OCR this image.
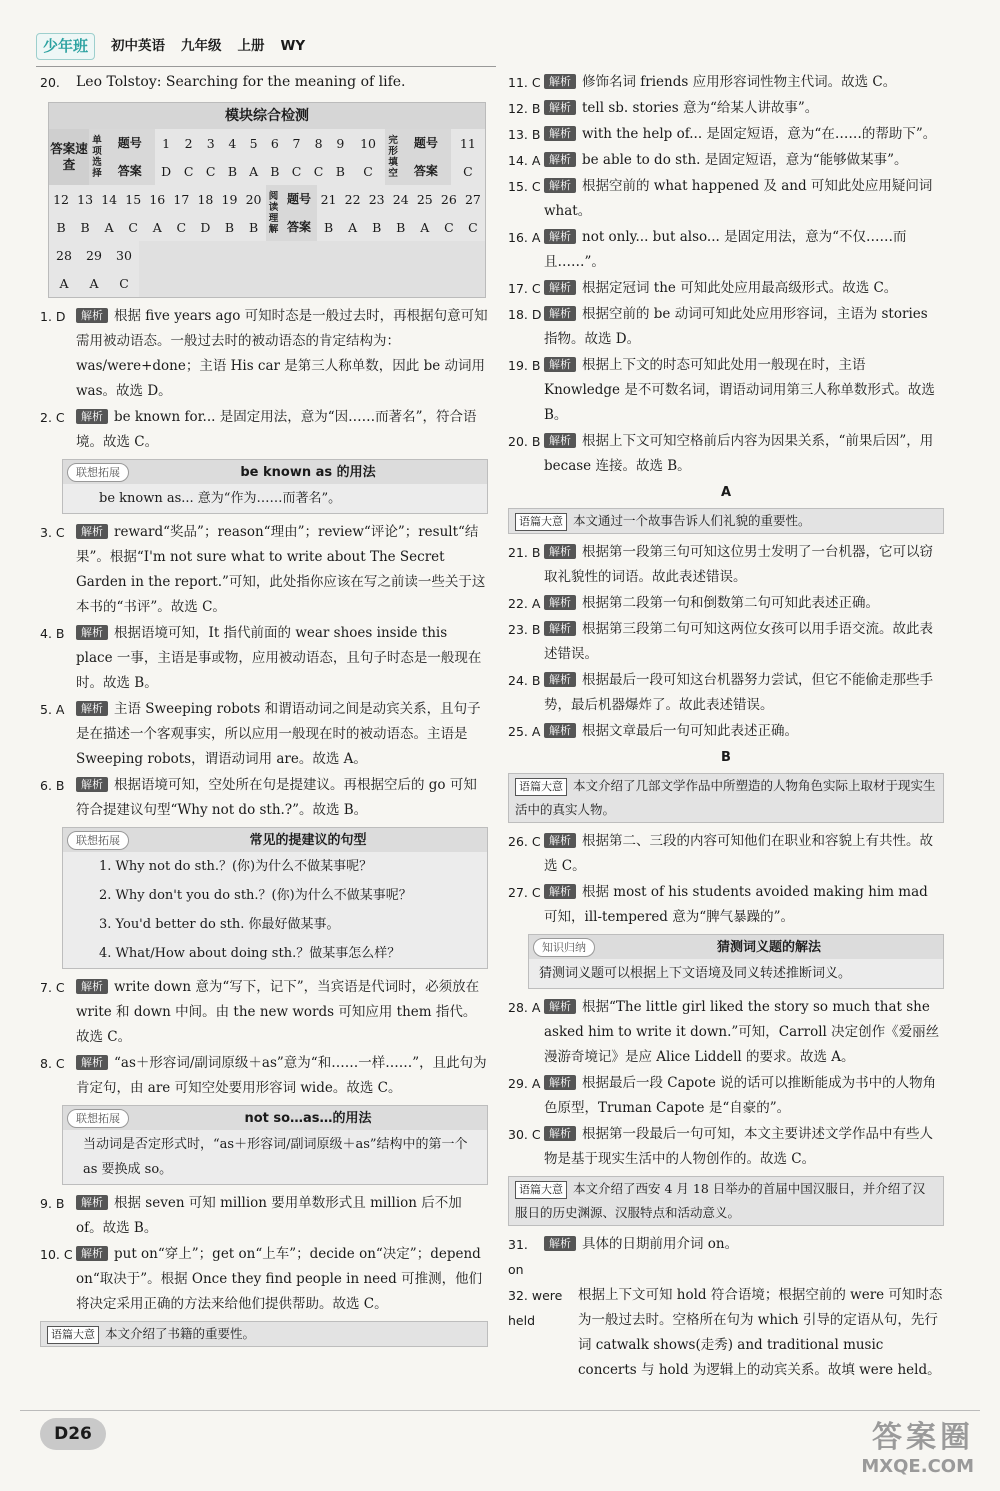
少年班	初中英语 九年级 上册 WY
20.	Leo Tolstoy: Searching for the meaning of life.
模块综合检测
答案速查	单项选择	题号	1	2	3	4	5	6	7	8	9	10	完形填空	题号	11
		答案	D	C	C	B	A	B	C	C	B	C		答案	C
12	13	14	15	16	17	18	19	20	阅读理解	题号	21	22	23	24	25	26	27
B	B	A	C	A	C	D	B	B		答案	B	A	B	B	A	C	C
28	29	30
A	A	C
1. D	解析 根据 five years ago 可知时态是一般过去时，再根据句意可知需用被动语态。一般过去时的被动语态的肯定结构为：was/were+done；主语 His car 是第三人称单数，因此 be 动词用 was。故选 D。
2. C	解析 be known for... 是固定用法，意为“因……而著名”，符合语境。故选 C。
联想拓展	be known as 的用法
be known as... 意为“作为……而著名”。
3. C	解析 reward“奖品”；reason“理由”；review“评论”；result“结果”。根据“I'm not sure what to write about The Secret Garden in the report.”可知，此处指你应该在写之前读一些关于这本书的“书评”。故选 C。
4. B	解析 根据语境可知，It 指代前面的 wear shoes inside this place 一事，主语是事或物，应用被动语态，且句子时态是一般现在时。故选 B。
5. A	解析 主语 Sweeping robots 和谓语动词之间是动宾关系，且句子是在描述一个客观事实，所以应用一般现在时的被动语态。主语是 Sweeping robots，谓语动词用 are。故选 A。
6. B	解析 根据语境可知，空处所在句是提建议。再根据空后的 go 可知符合提建议句型“Why not do sth.?”。故选 B。
联想拓展	常见的提建议的句型
1. Why not do sth.？(你)为什么不做某事呢？
2. Why don't you do sth.？(你)为什么不做某事呢？
3. You'd better do sth. 你最好做某事。
4. What/How about doing sth.？做某事怎么样？
7. C	解析 write down 意为“写下，记下”，当宾语是代词时，必须放在 write 和 down 中间。由 the new words 可知应用 them 指代。故选 C。
8. C	解析 “as＋形容词/副词原级＋as”意为“和……一样……”，且此句为肯定句，由 are 可知空处要用形容词 wide。故选 C。
联想拓展	not so…as…的用法
当动词是否定形式时，“as＋形容词/副词原级＋as”结构中的第一个 as 要换成 so。
9. B	解析 根据 seven 可知 million 要用单数形式且 million 后不加 of。故选 B。
10. C 解析 put on“穿上”；get on“上车”；decide on“决定”；depend on“取决于”。根据 Once they find people in need 可推测，他们将决定采用正确的方法来给他们提供帮助。故选 C。
语篇大意 本文介绍了书籍的重要性。
11. C 解析 修饰名词 friends 应用形容词性物主代词。故选 C。
12. B 解析 tell sb. stories 意为“给某人讲故事”。
13. B 解析 with the help of... 是固定短语，意为“在……的帮助下”。
14. A 解析 be able to do sth. 是固定短语，意为“能够做某事”。
15. C 解析 根据空前的 what happened 及 and 可知此处应用疑问词 what。
16. A 解析 not only... but also... 是固定用法，意为“不仅……而且……”。
17. C 解析 根据定冠词 the 可知此处应用最高级形式。故选 C。
18. D 解析 根据空前的 be 动词可知此处应用形容词，主语为 stories 指物。故选 D。
19. B 解析 根据上下文的时态可知此处用一般现在时，主语 Knowledge 是不可数名词，谓语动词用第三人称单数形式。故选 B。
20. B 解析 根据上下文可知空格前后内容为因果关系，“前果后因”，用 becase 连接。故选 B。
A
语篇大意 本文通过一个故事告诉人们礼貌的重要性。
21. B 解析 根据第一段第三句可知这位男士发明了一台机器，它可以窃取礼貌性的词语。故此表述错误。
22. A 解析 根据第二段第一句和倒数第二句可知此表述正确。
23. B 解析 根据第三段第二句可知这两位女孩可以用手语交流。故此表述错误。
24. B 解析 根据最后一段可知这台机器努力尝试，但它不能偷走那些手势，最后机器爆炸了。故此表述错误。
25. A 解析 根据文章最后一句可知此表述正确。
B
语篇大意 本文介绍了几部文学作品中所塑造的人物角色实际上取材于现实生活中的真实人物。
26. C 解析 根据第二、三段的内容可知他们在职业和容貌上有共性。故选 C。
27. C 解析 根据 most of his students avoided making him mad 可知，ill-tempered 意为“脾气暴躁的”。
知识归纳	猜测词义题的解法
猜测词义题可以根据上下文语境及同义转述推断词义。
28. A 解析 根据“The little girl liked the story so much that she asked him to write it down.”可知，Carroll 决定创作《爱丽丝漫游奇境记》是应 Alice Liddell 的要求。故选 A。
29. A 解析 根据最后一段 Capote 说的话可以推断能成为书中的人物角色原型，Truman Capote 是“自豪的”。
30. C 解析 根据第一段最后一句可知，本文主要讲述文学作品中有些人物是基于现实生活中的人物创作的。故选 C。
语篇大意 本文介绍了西安 4 月 18 日举办的首届中国汉服日，并介绍了汉服日的历史渊源、汉服特点和活动意义。
31. on
解析 具体的日期前用介词 on。
32. were held
根据上下文可知 hold 符合语境；根据空前的 were 可知时态为一般过去时。空格所在句为 which 引导的定语从句，先行词 catwalk shows(走秀) and traditional music concerts 与 hold 为逻辑上的动宾关系。故填 were held。
D26	答案圈
MXQE.COM
